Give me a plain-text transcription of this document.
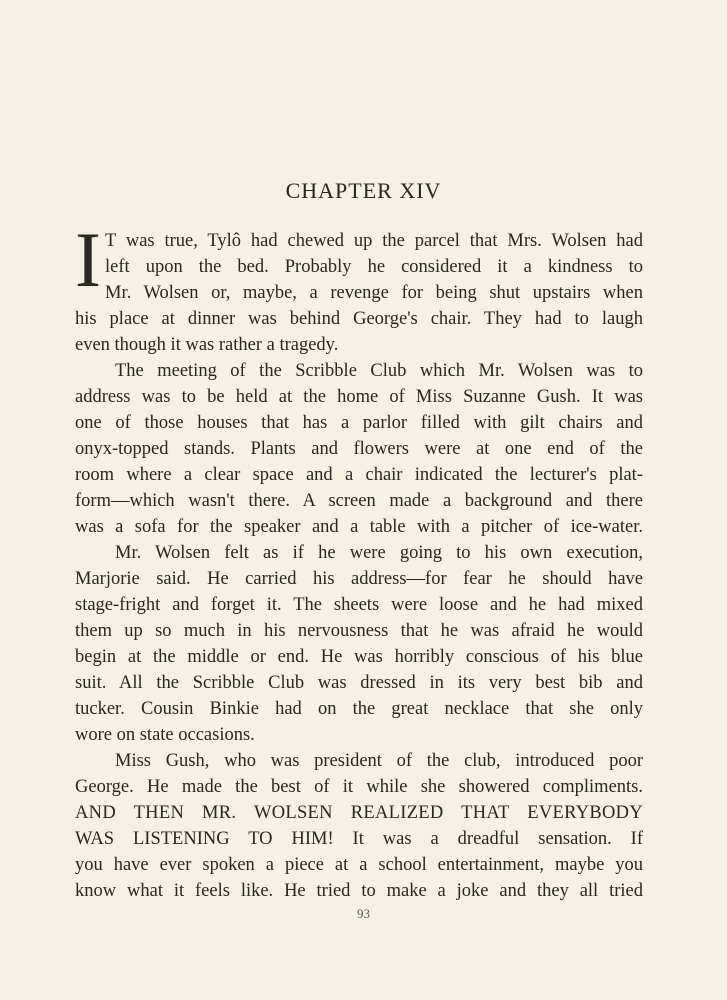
CHAPTER XIV
I T was true, Tylô had chewed up the parcel that Mrs. Wolsen had
left upon the bed. Probably he considered it a kindness to
Mr. Wolsen or, maybe, a revenge for being shut upstairs when
his place at dinner was behind George's chair. They had to laugh
even though it was rather a tragedy.
The meeting of the Scribble Club which Mr. Wolsen was to
address was to be held at the home of Miss Suzanne Gush. It was
one of those houses that has a parlor filled with gilt chairs and
onyx-topped stands. Plants and flowers were at one end of the
room where a clear space and a chair indicated the lecturer's plat-
form—which wasn't there. A screen made a background and there
was a sofa for the speaker and a table with a pitcher of ice-water.
Mr. Wolsen felt as if he were going to his own execution,
Marjorie said. He carried his address—for fear he should have
stage-fright and forget it. The sheets were loose and he had mixed
them up so much in his nervousness that he was afraid he would
begin at the middle or end. He was horribly conscious of his blue
suit. All the Scribble Club was dressed in its very best bib and
tucker. Cousin Binkie had on the great necklace that she only
wore on state occasions.
Miss Gush, who was president of the club, introduced poor
George. He made the best of it while she showered compliments.
AND THEN MR. WOLSEN REALIZED THAT EVERYBODY
WAS LISTENING TO HIM! It was a dreadful sensation. If
you have ever spoken a piece at a school entertainment, maybe you
know what it feels like. He tried to make a joke and they all tried
93
